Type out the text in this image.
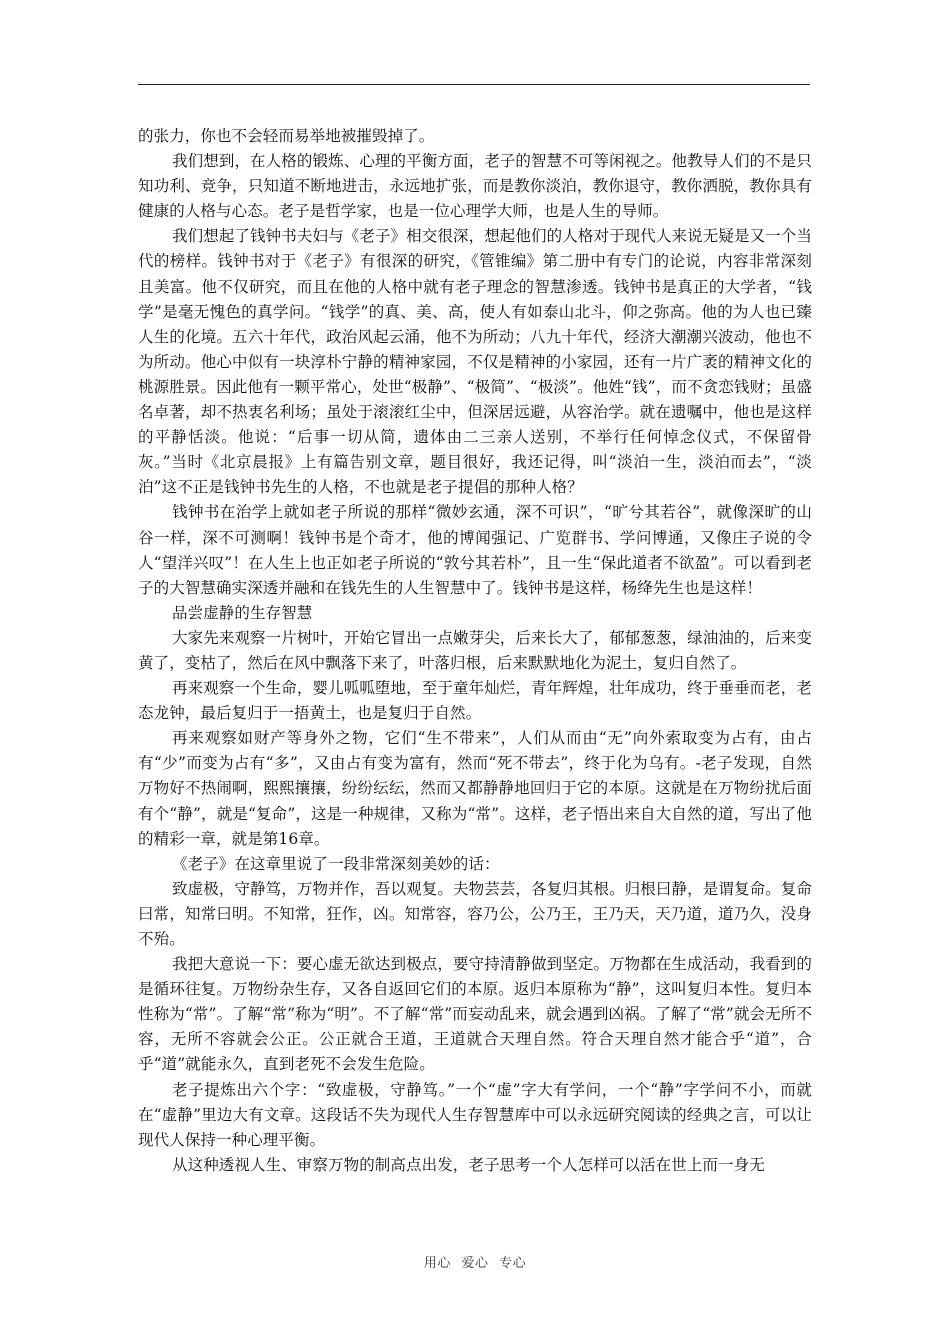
的张力，你也不会轻而易举地被摧毁掉了。

我们想到，在人格的锻炼、心理的平衡方面，老子的智慧不可等闲视之。他教导人们的不是只知功利、竞争，只知道不断地进击，永远地扩张，而是教你淡泊，教你退守，教你洒脱，教你具有健康的人格与心态。老子是哲学家，也是一位心理学大师，也是人生的导师。

我们想起了钱钟书夫妇与《老子》相交很深，想起他们的人格对于现代人来说无疑是又一个当代的榜样。钱钟书对于《老子》有很深的研究，《管锥编》第二册中有专门的论说，内容非常深刻且美富。他不仅研究，而且在他的人格中就有老子理念的智慧渗透。钱钟书是真正的大学者，“钱学”是毫无愧色的真学问。“钱学”的真、美、高，使人有如泰山北斗，仰之弥高。他的为人也已臻人生的化境。五六十年代，政治风起云涌，他不为所动；八九十年代，经济大潮潮兴波动，他也不为所动。他心中似有一块淳朴宁静的精神家园，不仅是精神的小家园，还有一片广袤的精神文化的桃源胜景。因此他有一颗平常心，处世“极静”、“极简”、“极淡”。他姓“钱”，而不贪恋钱财；虽盛名卓著，却不热衷名利场；虽处于滚滚红尘中，但深居远避，从容治学。就在遗嘱中，他也是这样的平静恬淡。他说：“后事一切从简，遗体由二三亲人送别，不举行任何悼念仪式，不保留骨灰。”当时《北京晨报》上有篇告别文章，题目很好，我还记得，叫“淡泊一生，淡泊而去”，“淡泊”这不正是钱钟书先生的人格，不也就是老子提倡的那种人格？

钱钟书在治学上就如老子所说的那样“微妙玄通，深不可识”，“旷兮其若谷”，就像深旷的山谷一样，深不可测啊！钱钟书是个奇才，他的博闻强记、广览群书、学问博通，又像庄子说的令人“望洋兴叹”！在人生上也正如老子所说的“敦兮其若朴”，且一生“保此道者不欲盈”。可以看到老子的大智慧确实深透并融和在钱先生的人生智慧中了。钱钟书是这样，杨绛先生也是这样！

品尝虚静的生存智慧

大家先来观察一片树叶，开始它冒出一点嫩芽尖，后来长大了，郁郁葱葱，绿油油的，后来变黄了，变枯了，然后在风中飘落下来了，叶落归根，后来默默地化为泥土，复归自然了。

再来观察一个生命，婴儿呱呱堕地，至于童年灿烂，青年辉煌，壮年成功，终于垂垂而老，老态龙钟，最后复归于一捂黄土，也是复归于自然。

再来观察如财产等身外之物，它们“生不带来”，人们从而由“无”向外索取变为占有，由占有“少”而变为占有“多”，又由占有变为富有，然而“死不带去”，终于化为乌有。-老子发现，自然万物好不热闹啊，熙熙攘攘，纷纷纭纭，然而又都静静地回归于它的本原。这就是在万物纷扰后面有个“静”，就是“复命”，这是一种规律，又称为“常”。这样，老子悟出来自大自然的道，写出了他的精彩一章，就是第16章。

《老子》在这章里说了一段非常深刻美妙的话：

致虚极，守静笃，万物并作，吾以观复。夫物芸芸，各复归其根。归根曰静，是谓复命。复命曰常，知常曰明。不知常，狂作，凶。知常容，容乃公，公乃王，王乃天，天乃道，道乃久，没身不殆。

我把大意说一下：要心虚无欲达到极点，要守持清静做到坚定。万物都在生成活动，我看到的是循环往复。万物纷杂生存，又各自返回它们的本原。返归本原称为“静”，这叫复归本性。复归本性称为“常”。了解“常”称为“明”。不了解“常”而妄动乱来，就会遇到凶祸。了解了“常”就会无所不容，无所不容就会公正。公正就合王道，王道就合天理自然。符合天理自然才能合乎“道”，合乎“道”就能永久，直到老死不会发生危险。

老子提炼出六个字：“致虚极，守静笃。”一个“虚”字大有学问，一个“静”字学问不小，而就在“虚静”里边大有文章。这段话不失为现代人生存智慧库中可以永远研究阅读的经典之言，可以让现代人保持一种心理平衡。

从这种透视人生、审察万物的制高点出发，老子思考一个人怎样可以活在世上而一身无

用心 爱心 专心
